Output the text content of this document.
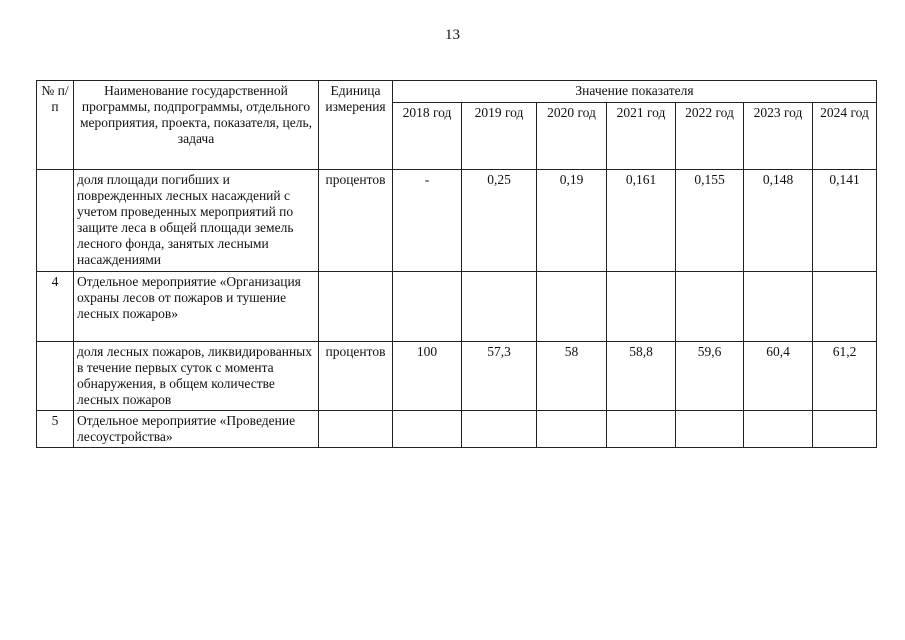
13
№ п/п	Наименование государственной программы, подпрограммы, отдельного мероприятия, проекта, показателя, цель, задача	Единица измерения	Значение показателя						
			2018 год	2019 год	2020 год	2021 год	2022 год	2023 год	2024 год
	доля площади погибших и поврежденных лесных насаждений с учетом проведенных мероприятий по защите леса в общей площади земель лесного фонда, занятых лесными насаждениями	процентов	-	0,25	0,19	0,161	0,155	0,148	0,141
4	Отдельное мероприятие «Организация охраны лесов от пожаров и тушение лесных пожаров»								
	доля лесных пожаров, ликвидированных в течение первых суток с момента обнаружения, в общем количестве лесных пожаров	процентов	100	57,3	58	58,8	59,6	60,4	61,2
5	Отдельное мероприятие «Проведение лесоустройства»								
